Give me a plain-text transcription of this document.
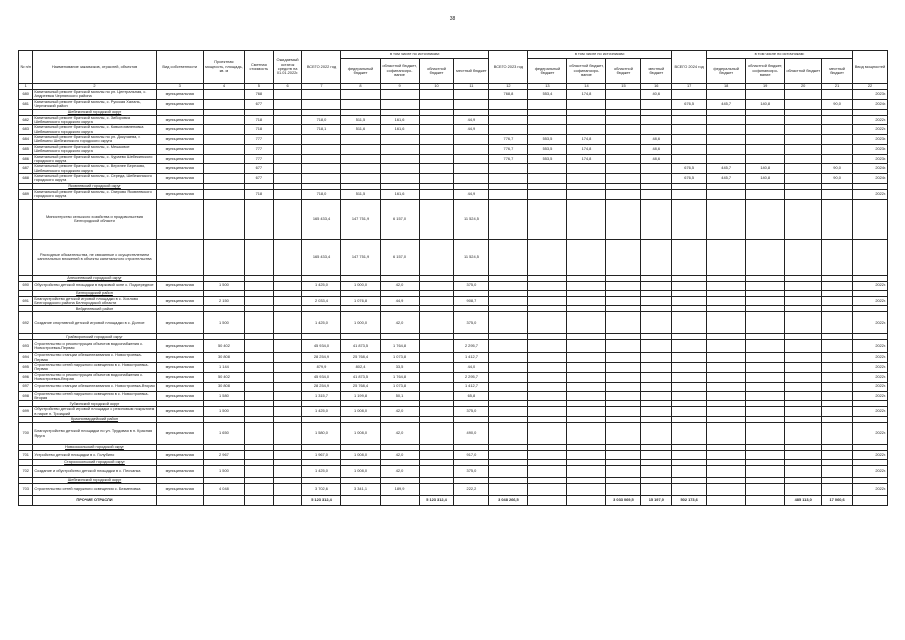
38
№ п/п	Наименование заказчиков, отраслей, объектов	Вид собственности	Проектная мощность, площадь, кв. м	Сметная стоимость	Ожидаемый остаток средств на 01.01.2022г.	ВСЕГО 2022 год	в том числе по источникам:				ВСЕГО 2023 год	в том числе по источникам:				ВСЕГО 2024 год	в том числе по источникам:				Ввод мощностей
							федеральный бюджет	областной бюджет, софинансиро-вание	областной бюджет	местный бюджет		федеральный бюджет	областной бюджет, софинансиро-вание	областной бюджет	местный бюджет		федеральный бюджет	областной бюджет, софинансиро-вание	областной бюджет	местный бюджет	
1	2	3	4	5	6	7	8	9	10	11	12	13	14	15	16	17	18	19	20	21	22
680	Капитальный ремонт братской могилы по ул. Центральная, с. Андреевка Чернянского района	муниципальная		768							768,8	553,4	174,8		40,6						2023г.
681	Капитальный ремонт братской могилы, с. Русская Халань, Чернянский район	муниципальная		677												676,5	445,7	140,8		90,0	2024г.
	Шебекинский городской округ																				
682	Капитальный ремонт братской могилы, с. Зиборовка Шебекинского городского округа	муниципальная		718		718,0	511,5	161,6		44,9											2022г.
683	Капитальный ремонт братской могилы, с. Ковылоявленовка Шебекинского городского округа	муниципальная		718		718,1	511,6	161,6		44,9											2022г.
684	Капитальный ремонт братской могилы по ул. Докучаева, г. Шебекино Шебекинского городского округа	муниципальная		777							776,7	553,5	174,8		48,6						2023г.
685	Капитальный ремонт братской могилы, с. Мешковое Шебекинского городского округа	муниципальная		777							776,7	553,5	174,8		48,6						2023г.
686	Капитальный ремонт братской могилы, с. Чураево Шебекинского городского округа	муниципальная		777							776,7	553,5	174,8		48,6						2023г.
687	Капитальный ремонт братской могилы, с. Верхнее Березово, Шебекинского городского округа	муниципальная		677												676,5	445,7	140,8		90,0	2024г.
688	Капитальный ремонт братской могилы, с. Середа, Шебекинского городского округа	муниципальная		677												676,5	445,7	140,8		90,0	2024г.
	Яковлевский городской округ																				
689	Капитальный ремонт братской могилы, с. Озерово Яковлевского городского округа	муниципальная		718		718,0	511,5	161,6		44,9											2022г.
	Министерство сельского хозяйства и продовольствия Белгородской области					165 433,4	147 751,9	6 157,0		11 524,5											
	Расходные обязательства, не связанные с осуществлением капитальных вложений в объекты капитального строительства					165 433,4	147 751,9	6 157,0		11 524,5											
	Алексеевский городской округ																				
690	Обустройство детской площадки в парковой зоне с. Подсередное	муниципальная	1 500			1 425,0	1 000,0	42,0		375,0											2022г.
	Белгородский район																				
691	Благоустройство детской игровой площадки в с. Хохлово Белгородского района Белгородской области	муниципальная	2 150			2 033,4	1 076,8	44,9		908,7											2022г.
	Вейделевский район																				
692	Создание спортивной детской игровой площадки в с. Долгое	муниципальная	1 500			1 425,0	1 000,0	42,0		375,0											2022г.
	Грайворонский городской округ																				
693	Строительство и реконструкция объектов водоснабжения с. Новостроевка-Первая	муниципальная	50 402			45 934,0	41 873,5	1 764,8		2 295,7											2022г.
694	Строительство станции обезжелезивания с. Новостроевка-Первая	муниципальная	30 808			28 254,9	25 768,4	1 073,8		1 412,7											2022г.
695	Строительство сетей наружного освещения в с. Новостроевка-Первая	муниципальная	1 144			879,9	802,4	33,5		44,0											2022г.
696	Строительство и реконструкция объектов водоснабжения с. Новостроевка-Вторая	муниципальная	50 402			45 934,0	41 873,5	1 764,8		2 295,7											2022г.
697	Строительство станции обезжелезивания с. Новостроевка-Вторая	муниципальная	30 808			28 254,9	25 768,4	1 073,8		1 412,7											2022г.
698	Строительство сетей наружного освещения в с. Новостроевка-Вторая	муниципальная	1 580			1 315,7	1 199,8	50,1		65,8											2022г.
	Губкинский городской округ																				
699	Обустройство детской игровой площадки с резиновым покрытием в парке п. Троицкий	муниципальная	1 500			1 425,0	1 008,0	42,0		375,0											2022г.
	Красногвардейский район																				
700	Благоустройство детской площадки по ул. Трудовая в п. Красная Яруга	муниципальная	1 650			1 580,0	1 008,0	42,0		490,0											2022г.
	Новооскольский городской округ																				
701	Устройство детской площадки в с. Голубино	муниципальная	2 967			1 967,0	1 008,0	42,0		917,0											2022г.
	Старооскольский городской округ																				
702	Создание и обустройство детской площадки в с. Песчанка	муниципальная	1 500			1 425,0	1 008,0	42,0		375,0											2022г.
	Шебекинский городской округ																				
703	Строительство сетей наружного освещения с. Безменовка	муниципальная	4 048			3 702,6	3 341,1	189,9		222,2											2022г.
	ПРОЧИЕ ОТРАСЛИ					5 123 312,4			5 123 312,4		3 048 266,5			3 033 069,5	15 197,0	502 173,6			485 113,0	17 060,6	
